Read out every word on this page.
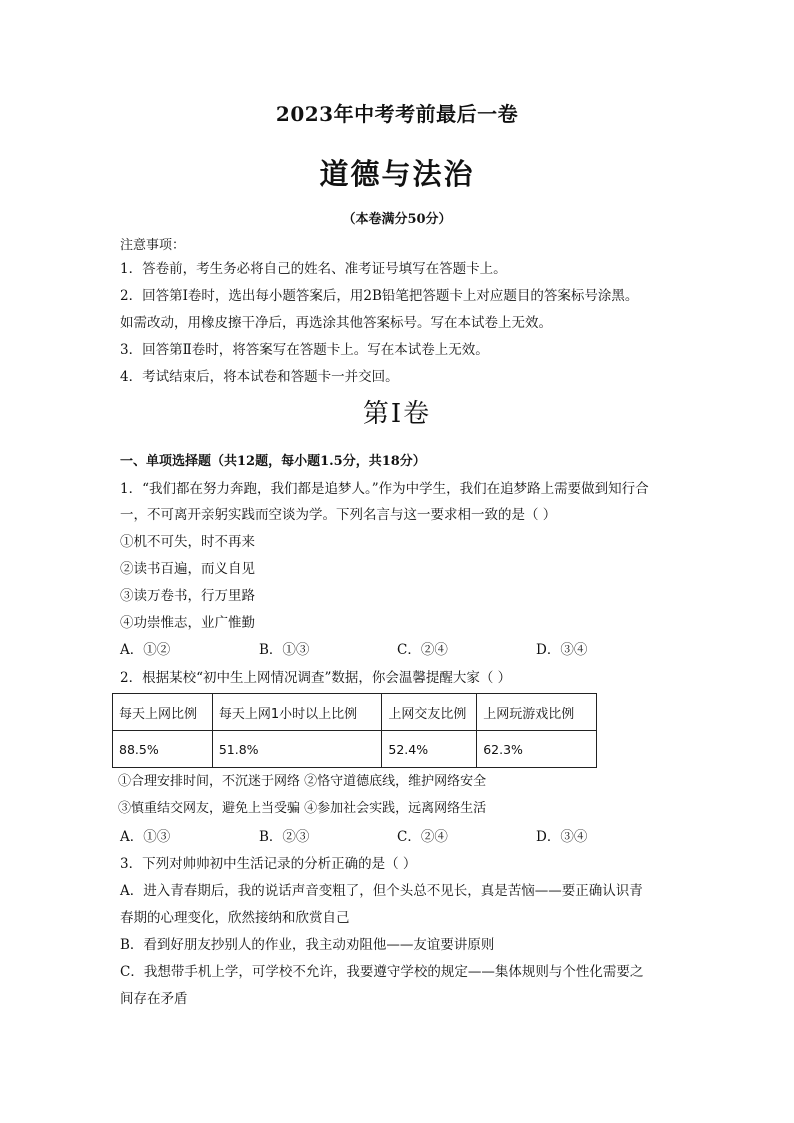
2023年中考考前最后一卷
道德与法治
（本卷满分50分）
注意事项：
1．答卷前，考生务必将自己的姓名、准考证号填写在答题卡上。
2．回答第Ⅰ卷时，选出每小题答案后，用2B铅笔把答题卡上对应题目的答案标号涂黑。
如需改动，用橡皮擦干净后，再选涂其他答案标号。写在本试卷上无效。
3．回答第Ⅱ卷时，将答案写在答题卡上。写在本试卷上无效。
4．考试结束后，将本试卷和答题卡一并交回。
第Ⅰ卷
一、单项选择题（共12题，每小题1.5分，共18分）
1．“我们都在努力奔跑，我们都是追梦人。”作为中学生，我们在追梦路上需要做到知行合
一，不可离开亲躬实践而空谈为学。下列名言与这一要求相一致的是（ ）
①机不可失，时不再来
②读书百遍，而义自见
③读万卷书，行万里路
④功崇惟志，业广惟勤
A．①②	B．①③	C．②④	D．③④
2．根据某校“初中生上网情况调查”数据，你会温馨提醒大家（ ）
每天上网比例	每天上网1小时以上比例	上网交友比例	上网玩游戏比例
88.5%	51.8%	52.4%	62.3%
①合理安排时间，不沉迷于网络 ②恪守道德底线，维护网络安全
③慎重结交网友，避免上当受骗 ④参加社会实践，远离网络生活
A．①③	B．②③	C．②④	D．③④
3．下列对帅帅初中生活记录的分析正确的是（ ）
A．进入青春期后，我的说话声音变粗了，但个头总不见长，真是苦恼——要正确认识青
春期的心理变化，欣然接纳和欣赏自己
B．看到好朋友抄别人的作业，我主动劝阻他——友谊要讲原则
C．我想带手机上学，可学校不允许，我要遵守学校的规定——集体规则与个性化需要之
间存在矛盾
